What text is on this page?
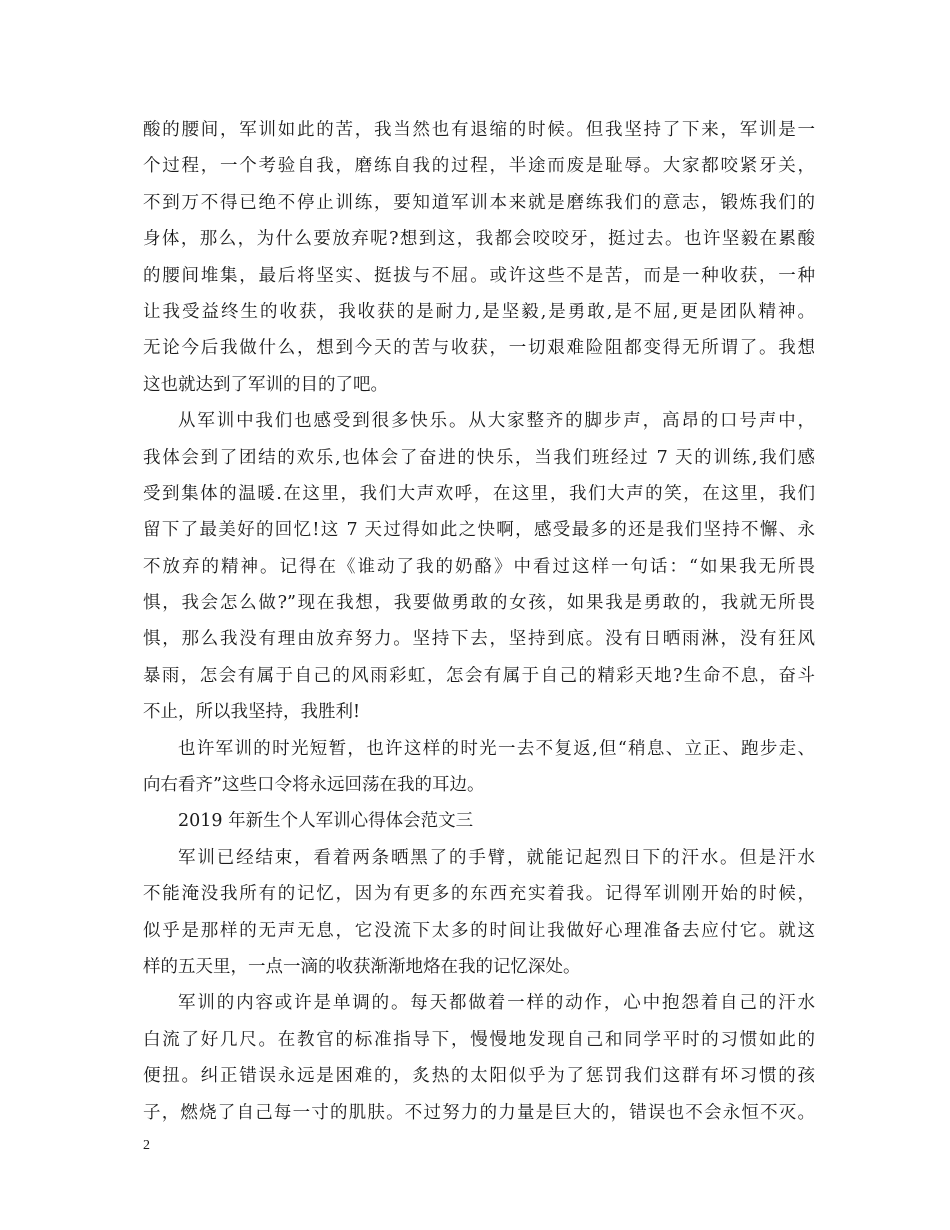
酸的腰间，军训如此的苦，我当然也有退缩的时候。但我坚持了下来，军训是一
个过程，一个考验自我，磨练自我的过程，半途而废是耻辱。大家都咬紧牙关，
不到万不得已绝不停止训练，要知道军训本来就是磨练我们的意志，锻炼我们的
身体，那么，为什么要放弃呢?想到这，我都会咬咬牙，挺过去。也许坚毅在累酸
的腰间堆集，最后将坚实、挺拔与不屈。或许这些不是苦，而是一种收获，一种
让我受益终生的收获，我收获的是耐力,是坚毅,是勇敢,是不屈,更是团队精神。
无论今后我做什么，想到今天的苦与收获，一切艰难险阻都变得无所谓了。我想
这也就达到了军训的目的了吧。
从军训中我们也感受到很多快乐。从大家整齐的脚步声，高昂的口号声中，
我体会到了团结的欢乐,也体会了奋进的快乐，当我们班经过 7 天的训练,我们感
受到集体的温暖.在这里，我们大声欢呼，在这里，我们大声的笑，在这里，我们
留下了最美好的回忆!这 7 天过得如此之快啊，感受最多的还是我们坚持不懈、永
不放弃的精神。记得在《谁动了我的奶酪》中看过这样一句话：“如果我无所畏
惧，我会怎么做?”现在我想，我要做勇敢的女孩，如果我是勇敢的，我就无所畏
惧，那么我没有理由放弃努力。坚持下去，坚持到底。没有日晒雨淋，没有狂风
暴雨，怎会有属于自己的风雨彩虹，怎会有属于自己的精彩天地?生命不息，奋斗
不止，所以我坚持，我胜利!
也许军训的时光短暂，也许这样的时光一去不复返,但“稍息、立正、跑步走、
向右看齐”这些口令将永远回荡在我的耳边。
2019 年新生个人军训心得体会范文三
军训已经结束，看着两条晒黑了的手臂，就能记起烈日下的汗水。但是汗水
不能淹没我所有的记忆，因为有更多的东西充实着我。记得军训刚开始的时候，
似乎是那样的无声无息，它没流下太多的时间让我做好心理准备去应付它。就这
样的五天里，一点一滴的收获渐渐地烙在我的记忆深处。
军训的内容或许是单调的。每天都做着一样的动作，心中抱怨着自己的汗水
白流了好几尺。在教官的标准指导下，慢慢地发现自己和同学平时的习惯如此的
便扭。纠正错误永远是困难的，炙热的太阳似乎为了惩罚我们这群有坏习惯的孩
子，燃烧了自己每一寸的肌肤。不过努力的力量是巨大的，错误也不会永恒不灭。
2
